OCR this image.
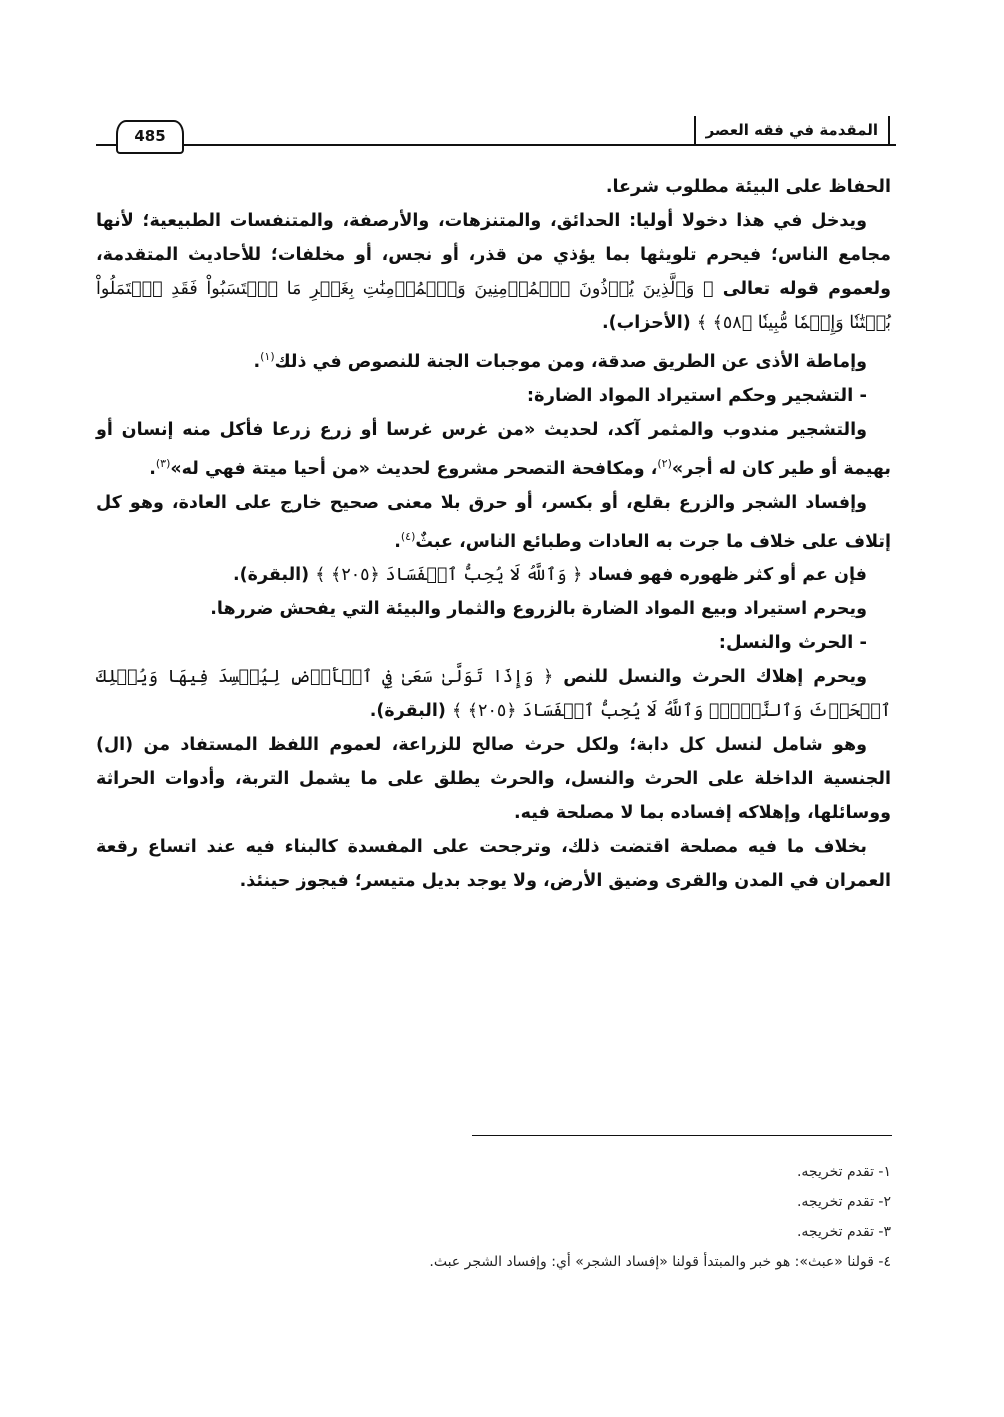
485	المقدمة في فقه العصر

الحفاظ على البيئة مطلوب شرعا.

ويدخل في هذا دخولا أوليا: الحدائق، والمتنزهات، والأرصفة، والمتنفسات الطبيعية؛ لأنها مجامع الناس؛ فيحرم تلويثها بما يؤذي من قذر، أو نجس، أو مخلفات؛ للأحاديث المتقدمة، ولعموم قوله تعالى ﴿ وَٱلَّذِينَ يُؤۡذُونَ ٱلۡمُؤۡمِنِينَ وَٱلۡمُؤۡمِنَٰتِ بِغَيۡرِ مَا ٱكۡتَسَبُواْ فَقَدِ ٱحۡتَمَلُواْ بُهۡتَٰنٗا وَإِثۡمٗا مُّبِينٗا ﴿٥٨﴾ ﴾ (الأحزاب).

وإماطة الأذى عن الطريق صدقة، ومن موجبات الجنة للنصوص في ذلك$^{(١)}$.

- التشجير وحكم استيراد المواد الضارة:

والتشجير مندوب والمثمر آكد، لحديث «من غرس غرسا أو زرع زرعا فأكل منه إنسان أو بهيمة أو طير كان له أجر»$^{(٢)}$، ومكافحة التصحر مشروع لحديث «من أحيا ميتة فهي له»$^{(٣)}$.

وإفساد الشجر والزرع بقلع، أو بكسر، أو حرق بلا معنى صحيح خارج على العادة، وهو كل إتلاف على خلاف ما جرت به العادات وطبائع الناس، عبثٌ$^{(٤)}$.

فإن عم أو كثر ظهوره فهو فساد ﴿ وَٱللَّهُ لَا يُحِبُّ ٱلۡفَسَادَ ﴿٢٠٥﴾ ﴾ (البقرة).

ويحرم استيراد وبيع المواد الضارة بالزروع والثمار والبيئة التي يفحش ضررها.

- الحرث والنسل:

ويحرم إهلاك الحرث والنسل للنص ﴿ وَإِذَا تَوَلَّىٰ سَعَىٰ فِي ٱلۡأَرۡضِ لِيُفۡسِدَ فِيهَا وَيُهۡلِكَ ٱلۡحَرۡثَ وَٱلنَّسۡلَۚ وَٱللَّهُ لَا يُحِبُّ ٱلۡفَسَادَ ﴿٢٠٥﴾ ﴾ (البقرة).

وهو شامل لنسل كل دابة؛ ولكل حرث صالح للزراعة، لعموم اللفظ المستفاد من (ال) الجنسية الداخلة على الحرث والنسل، والحرث يطلق على ما يشمل التربة، وأدوات الحراثة ووسائلها، وإهلاكه إفساده بما لا مصلحة فيه.

بخلاف ما فيه مصلحة اقتضت ذلك، وترجحت على المفسدة كالبناء فيه عند اتساع رقعة العمران في المدن والقرى وضيق الأرض، ولا يوجد بديل متيسر؛ فيجوز حينئذ.

١- تقدم تخريجه.
٢- تقدم تخريجه.
٣- تقدم تخريجه.
٤- قولنا «عبث»: هو خبر والمبتدأ قولنا «إفساد الشجر» أي: وإفساد الشجر عبث.
